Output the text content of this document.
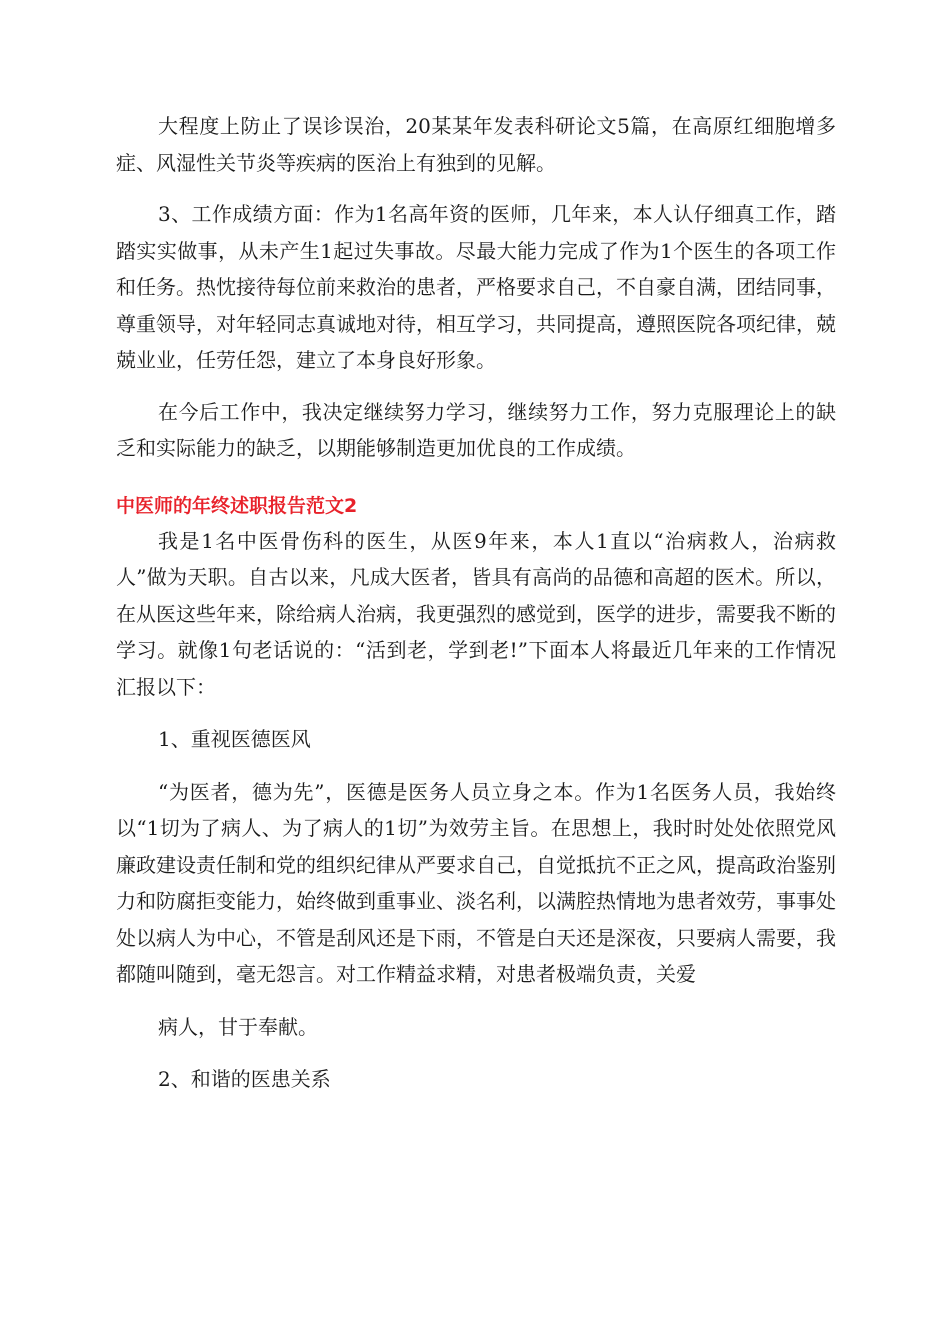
大程度上防止了误诊误治，20某某年发表科研论文5篇，在高原红细胞增多症、风湿性关节炎等疾病的医治上有独到的见解。

3、工作成绩方面：作为1名高年资的医师，几年来，本人认仔细真工作，踏踏实实做事，从未产生1起过失事故。尽最大能力完成了作为1个医生的各项工作和任务。热忱接待每位前来救治的患者，严格要求自己，不自豪自满，团结同事，尊重领导，对年轻同志真诚地对待，相互学习，共同提高，遵照医院各项纪律，兢兢业业，任劳任怨，建立了本身良好形象。

在今后工作中，我决定继续努力学习，继续努力工作，努力克服理论上的缺乏和实际能力的缺乏，以期能够制造更加优良的工作成绩。

中医师的年终述职报告范文2

我是1名中医骨伤科的医生，从医9年来，本人1直以“治病救人，治病救人”做为天职。自古以来，凡成大医者，皆具有高尚的品德和高超的医术。所以，在从医这些年来，除给病人治病，我更强烈的感觉到，医学的进步，需要我不断的学习。就像1句老话说的：“活到老，学到老!”下面本人将最近几年来的工作情况汇报以下：

1、重视医德医风

“为医者，德为先”，医德是医务人员立身之本。作为1名医务人员，我始终以“1切为了病人、为了病人的1切”为效劳主旨。在思想上，我时时处处依照党风廉政建设责任制和党的组织纪律从严要求自己，自觉抵抗不正之风，提高政治鉴别力和防腐拒变能力，始终做到重事业、淡名利，以满腔热情地为患者效劳，事事处处以病人为中心，不管是刮风还是下雨，不管是白天还是深夜，只要病人需要，我都随叫随到，毫无怨言。对工作精益求精，对患者极端负责，关爱

病人，甘于奉献。

2、和谐的医患关系
